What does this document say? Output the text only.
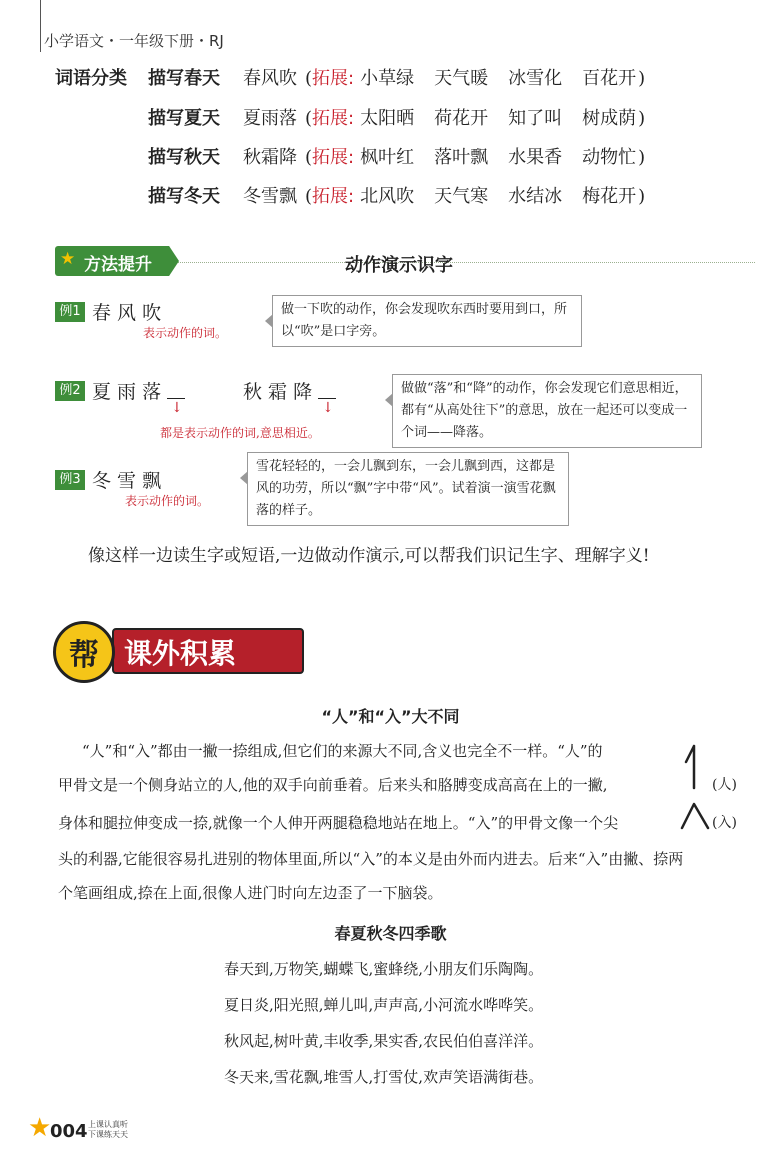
小学语文・一年级下册・RJ
词语分类 描写春天 春风吹 (拓展: 小草绿 天气暖 冰雪化 百花开 )
描写夏天 夏雨落 (拓展: 太阳晒 荷花开 知了叫 树成荫 )
描写秋天 秋霜降 (拓展: 枫叶红 落叶飘 水果香 动物忙 )
描写冬天 冬雪飘 (拓展: 北风吹 天气寒 水结冰 梅花开 )
★ 方法提升	动作演示识字
例1 春 风 吹
表示动作的词。
做一下吹的动作，你会发现吹东西时要用到口，所以“吹”是口字旁。
例2 夏 雨 落	秋 霜 降
↓	↓
都是表示动作的词,意思相近。
做做“落”和“降”的动作，你会发现它们意思相近，都有“从高处往下”的意思，放在一起还可以变成一个词——降落。
例3 冬 雪 飘
表示动作的词。
雪花轻轻的，一会儿飘到东，一会儿飘到西，这都是风的功劳，所以“飘”字中带“风”。试着演一演雪花飘落的样子。
像这样一边读生字或短语,一边做动作演示,可以帮我们识记生字、理解字义!
课外积累
帮
“人”和“入”大不同
“人”和“入”都由一撇一捺组成,但它们的来源大不同,含义也完全不一样。“人”的
甲骨文是一个侧身站立的人,他的双手向前垂着。后来头和胳膊变成高高在上的一撇,
身体和腿拉伸变成一捺,就像一个人伸开两腿稳稳地站在地上。“入”的甲骨文像一个尖
头的利器,它能很容易扎进别的物体里面,所以“入”的本义是由外而内进去。后来“入”由撇、捺两
个笔画组成,捺在上面,很像人进门时向左边歪了一下脑袋。
(人)
(入)
春夏秋冬四季歌
春天到,万物笑,蝴蝶飞,蜜蜂绕,小朋友们乐陶陶。
夏日炎,阳光照,蝉儿叫,声声高,小河流水哗哗笑。
秋风起,树叶黄,丰收季,果实香,农民伯伯喜洋洋。
冬天来,雪花飘,堆雪人,打雪仗,欢声笑语满街巷。
★
004 上课认真听
下课练天天
